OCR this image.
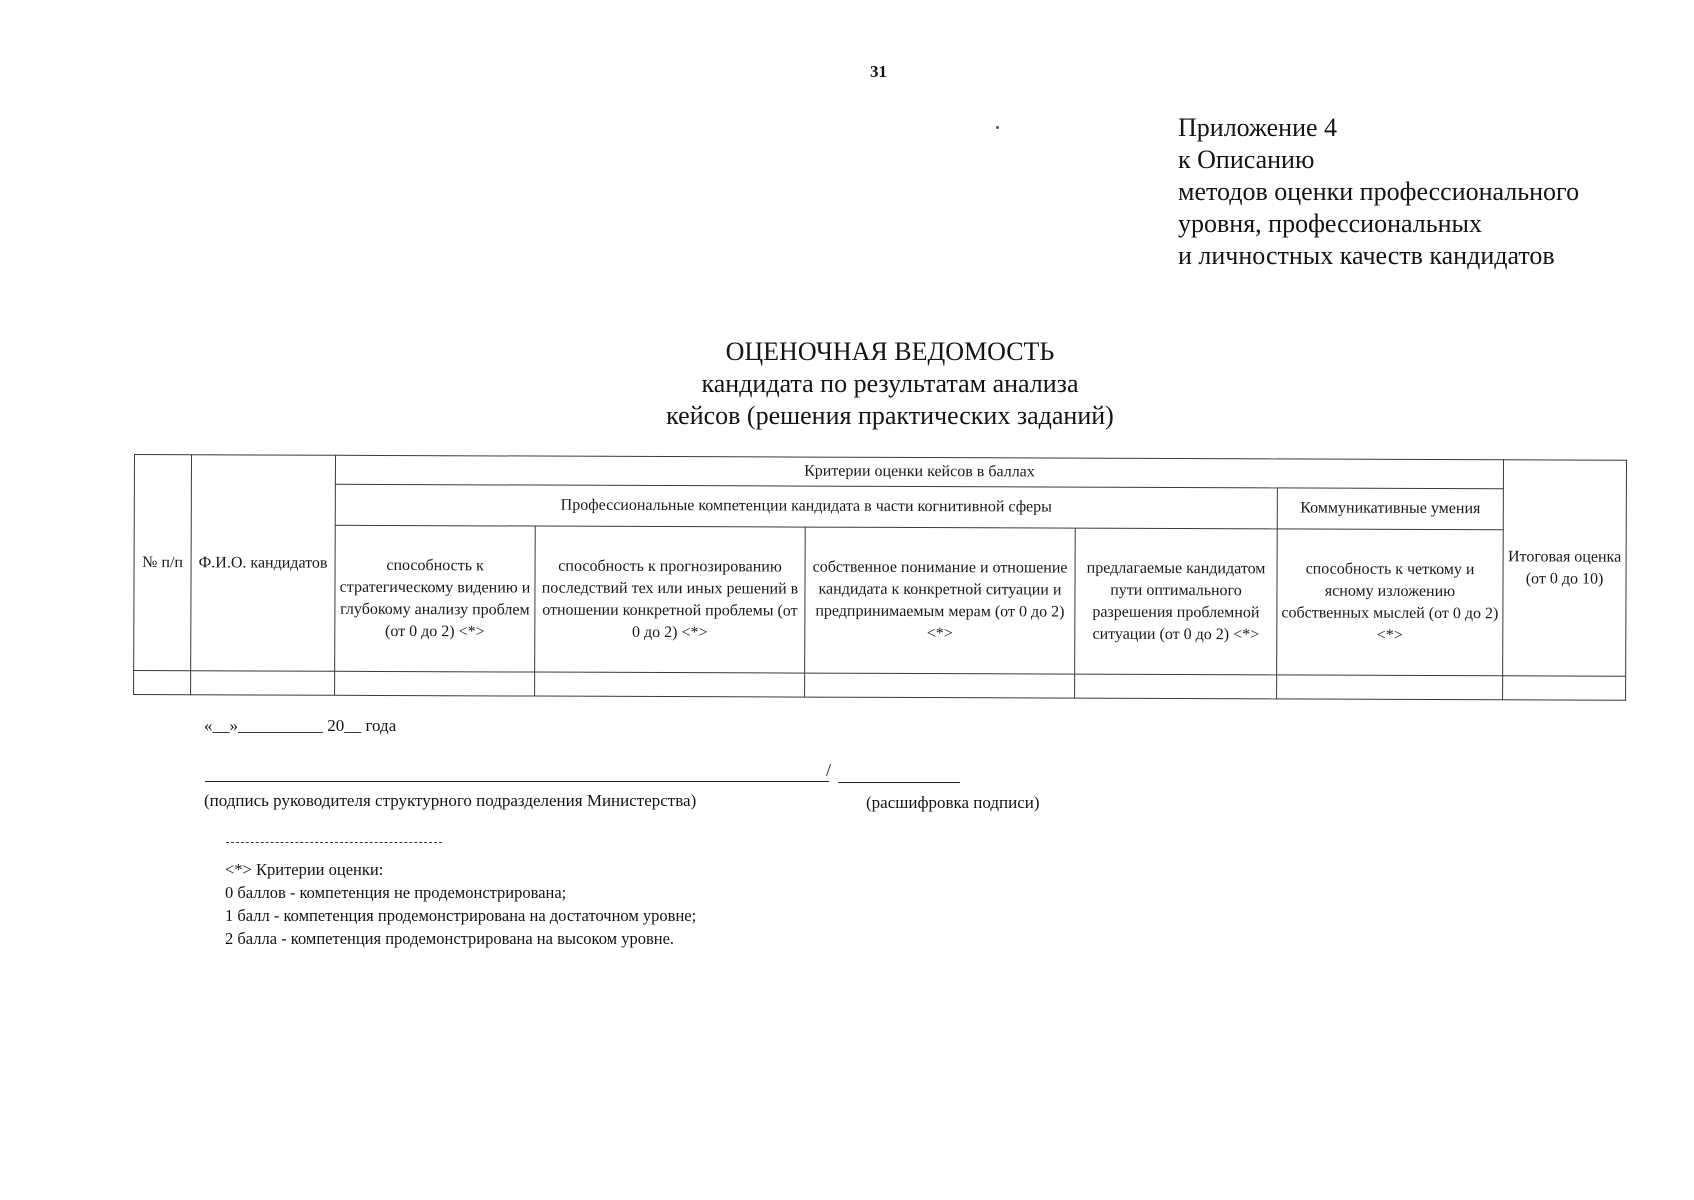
31
Приложение 4
к Описанию
методов оценки профессионального
уровня, профессиональных
и личностных качеств кандидатов
ОЦЕНОЧНАЯ ВЕДОМОСТЬ
кандидата по результатам анализа
кейсов (решения практических заданий)
№ п/п	Ф.И.О. кандидатов	Критерии оценки кейсов в баллах					Итоговая оценка (от 0 до 10)
		Профессиональные компетенции кандидата в части когнитивной сферы				Коммуникативные умения	
		способность к стратегическому видению и глубокому анализу проблем (от 0 до 2) <*>	способность к прогнозированию последствий тех или иных решений в отношении конкретной проблемы (от 0 до 2) <*>	собственное понимание и отношение кандидата к конкретной ситуации и предпринимаемым мерам (от 0 до 2) <*>	предлагаемые кандидатом пути оптимального разрешения проблемной ситуации (от 0 до 2) <*>	способность к четкому и ясному изложению собственных мыслей (от 0 до 2) <*>	

«__»__________ 20__ года
/
(подпись руководителя структурного подразделения Министерства)	(расшифровка подписи)
<*> Критерии оценки:
0 баллов - компетенция не продемонстрирована;
1 балл - компетенция продемонстрирована на достаточном уровне;
2 балла - компетенция продемонстрирована на высоком уровне.
